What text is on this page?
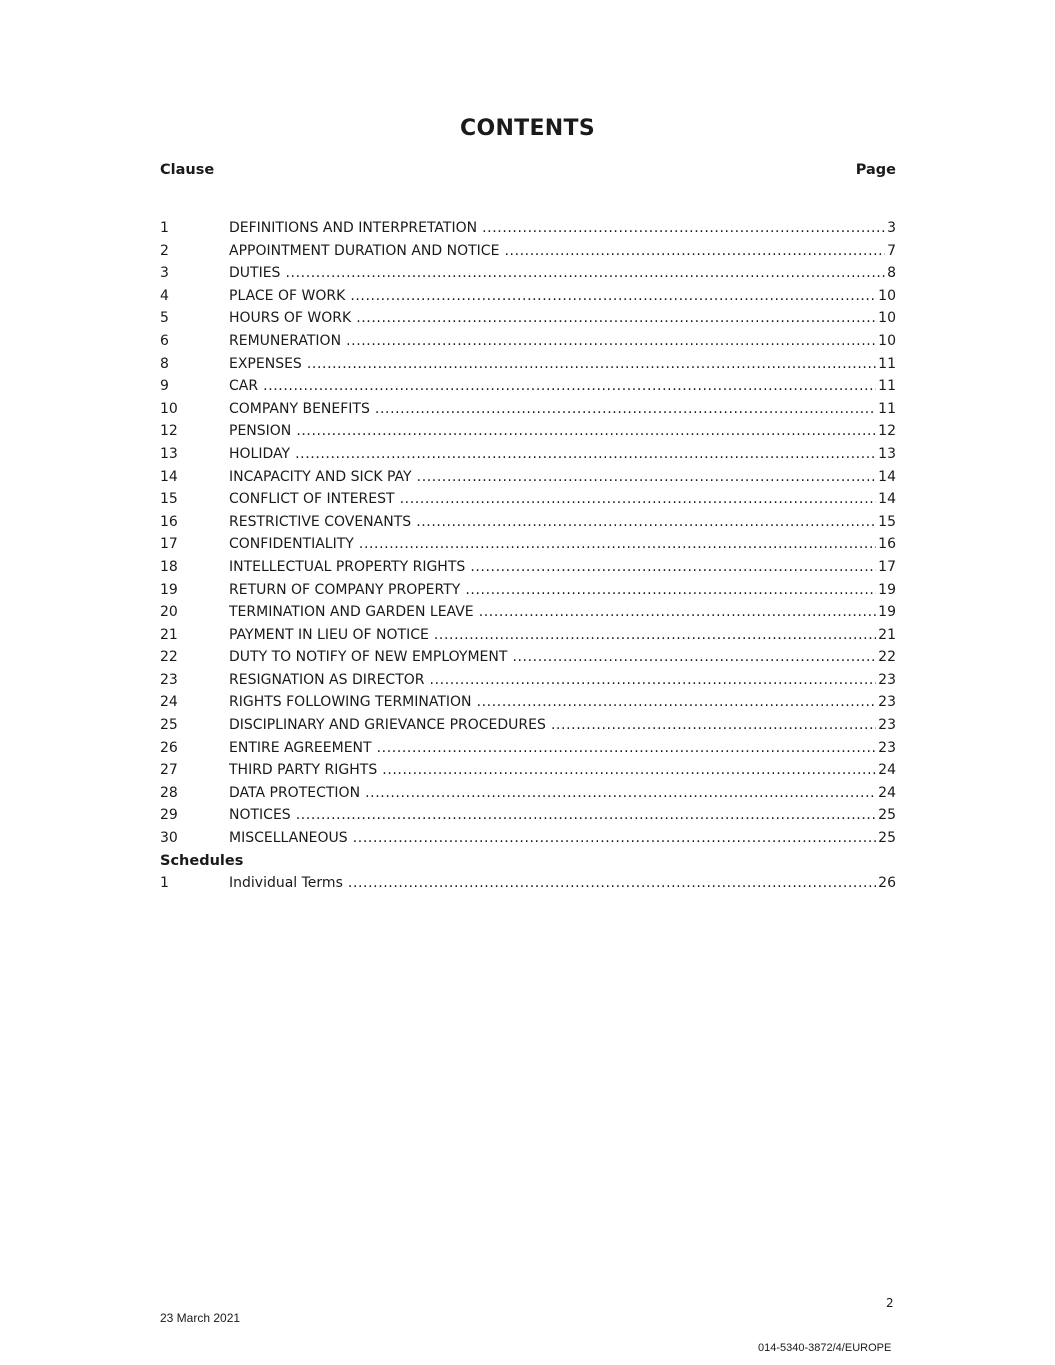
CONTENTS
Clause	Page
1	DEFINITIONS AND INTERPRETATION .....	3
2	APPOINTMENT DURATION AND NOTICE .....	7
3	DUTIES .....	8
4	PLACE OF WORK .....	10
5	HOURS OF WORK .....	10
6	REMUNERATION .....	10
8	EXPENSES .....	11
9	CAR .....	11
10	COMPANY BENEFITS .....	11
12	PENSION .....	12
13	HOLIDAY .....	13
14	INCAPACITY AND SICK PAY .....	14
15	CONFLICT OF INTEREST .....	14
16	RESTRICTIVE COVENANTS .....	15
17	CONFIDENTIALITY .....	16
18	INTELLECTUAL PROPERTY RIGHTS .....	17
19	RETURN OF COMPANY PROPERTY .....	19
20	TERMINATION AND GARDEN LEAVE .....	19
21	PAYMENT IN LIEU OF NOTICE .....	21
22	DUTY TO NOTIFY OF NEW EMPLOYMENT .....	22
23	RESIGNATION AS DIRECTOR .....	23
24	RIGHTS FOLLOWING TERMINATION .....	23
25	DISCIPLINARY AND GRIEVANCE PROCEDURES .....	23
26	ENTIRE AGREEMENT .....	23
27	THIRD PARTY RIGHTS .....	24
28	DATA PROTECTION .....	24
29	NOTICES .....	25
30	MISCELLANEOUS .....	25
Schedules
1	Individual Terms .....	26
2
23 March 2021
014-5340-3872/4/EUROPE
